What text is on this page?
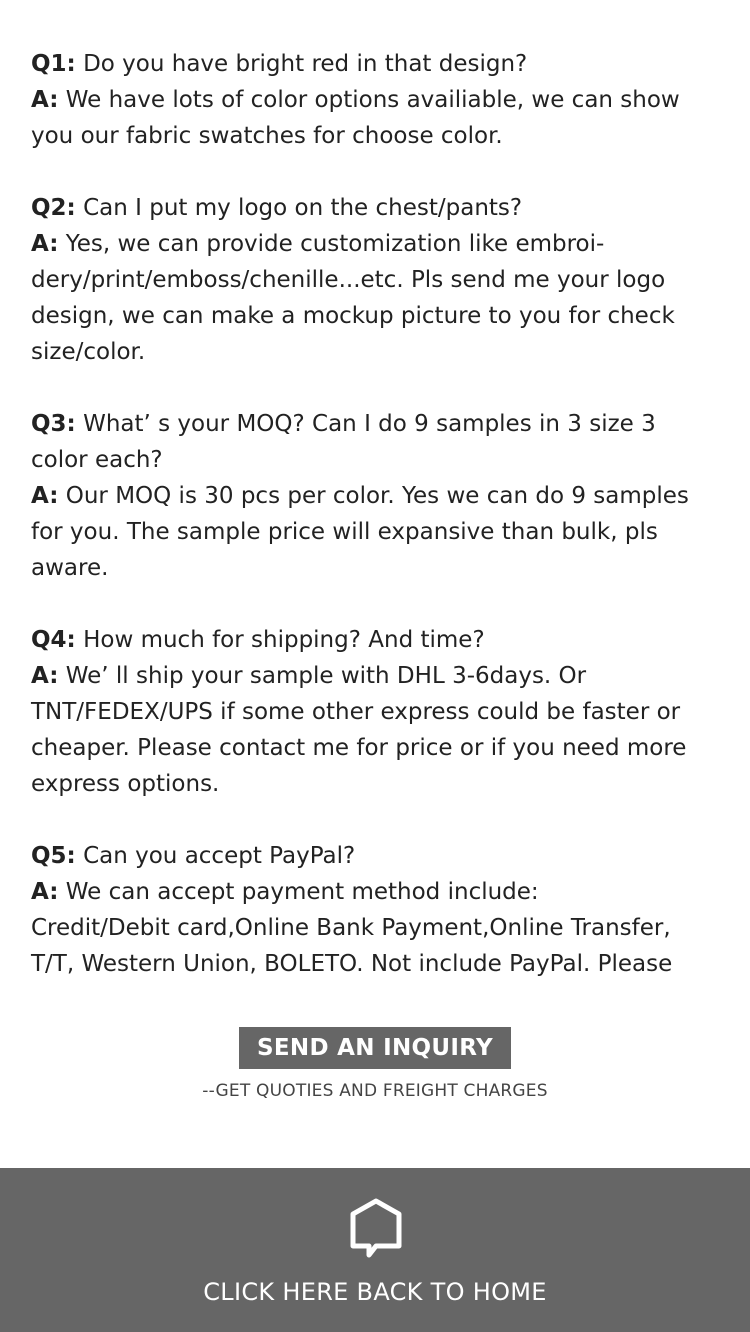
Q1: Do you have bright red in that design?

A: We have lots of color options availiable, we can show

you our fabric swatches for choose color.

Q2: Can I put my logo on the chest/pants?

A: Yes, we can provide customization like embroi-

dery/print/emboss/chenille...etc. Pls send me your logo

design, we can make a mockup picture to you for check

size/color.

Q3: What’ s your MOQ? Can I do 9 samples in 3 size 3

color each?

A: Our MOQ is 30 pcs per color. Yes we can do 9 samples

for you. The sample price will expansive than bulk, pls

aware.

Q4: How much for shipping? And time?

A: We’ ll ship your sample with DHL 3-6days. Or

TNT/FEDEX/UPS if some other express could be faster or

cheaper. Please contact me for price or if you need more

express options.

Q5: Can you accept PayPal?

A: We can accept payment method include:

Credit/Debit card,Online Bank Payment,Online Transfer,

T/T, Western Union, BOLETO. Not include PayPal. Please

SEND AN INQUIRY
--GET QUOTIES AND FREIGHT CHARGES
CLICK HERE BACK TO HOME
